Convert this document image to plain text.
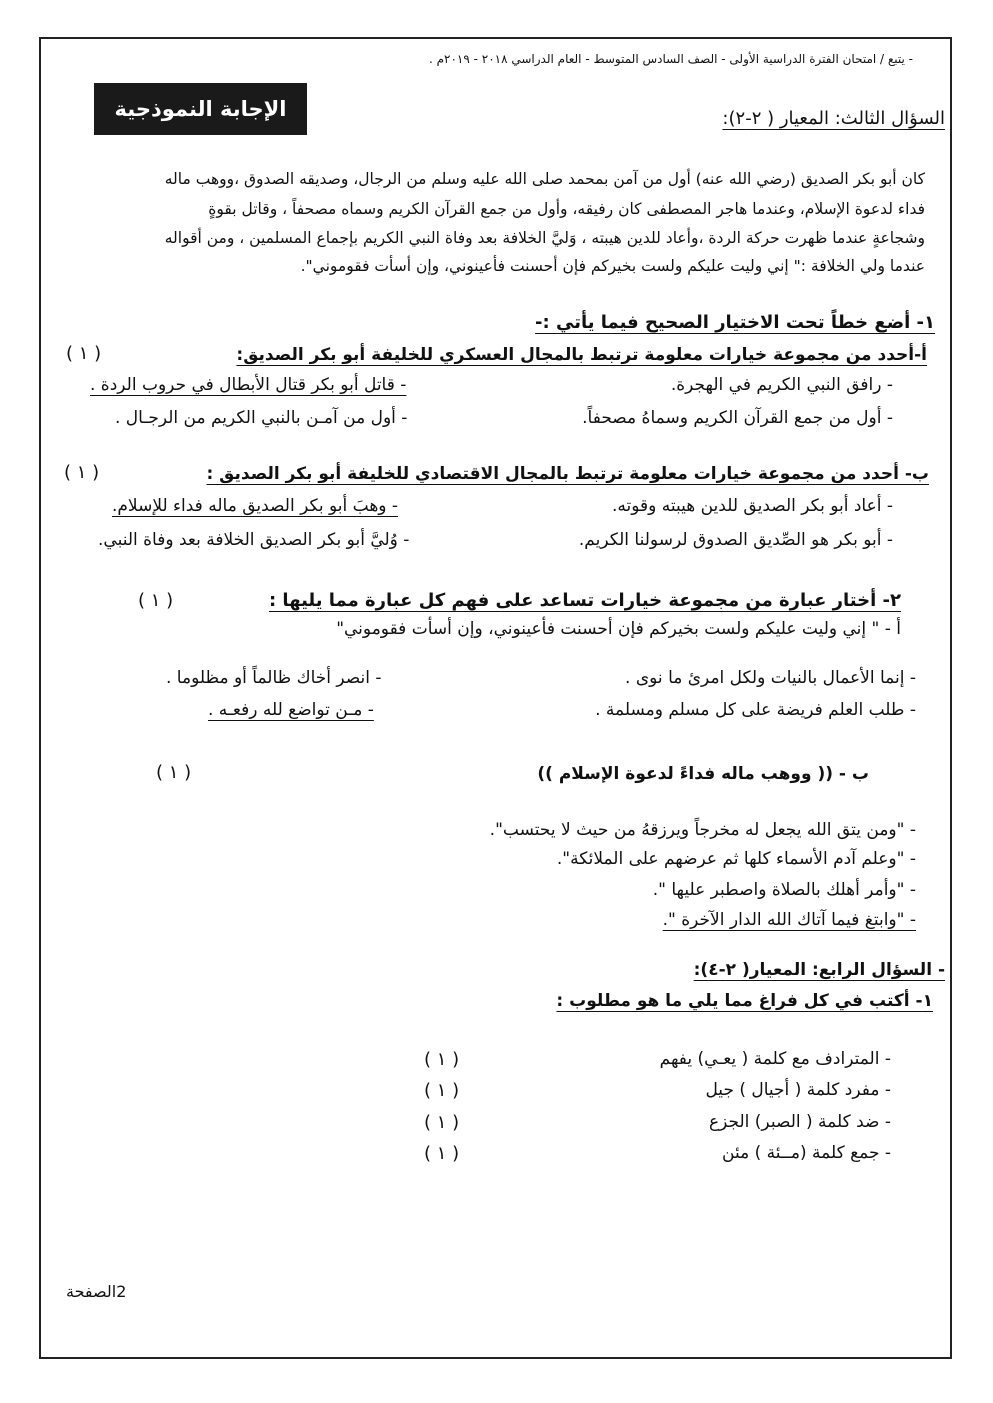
- يتبع / امتحان الفترة الدراسية الأولى - الصف السادس المتوسط - العام الدراسي ٢٠١٨ - ٢٠١٩م .
الإجابة النموذجية	السؤال الثالث: المعيار ( ٢-٢):
كان أبو بكر الصديق (رضي الله عنه) أول من آمن بمحمد صلى الله عليه وسلم من الرجال، وصديقه الصدوق ،ووهب ماله
فداء لدعوة الإسلام، وعندما هاجر المصطفى كان رفيقه، وأول من جمع القرآن الكريم وسماه مصحفاً ، وقاتل بقوةٍ
وشجاعةٍ عندما ظهرت حركة الردة ،وأعاد للدين هيبته ، وَليَّ الخلافة بعد وفاة النبي الكريم بإجماع المسلمين ، ومن أقواله
عندما ولي الخلافة :" إني وليت عليكم ولست بخيركم فإن أحسنت فأعينوني، وإن أسأت فقوموني".
١- أضع خطاً تحت الاختيار الصحيح فيما يأتي :-
أ-أحدد من مجموعة خيارات معلومة ترتبط بالمجال العسكري للخليفة أبو بكر الصديق:
( ١ )
- رافق النبي الكريم في الهجرة.
- قاتل أبو بكر قتال الأبطال في حروب الردة .
- أول من جمع القرآن الكريم وسماهُ مصحفاً.
- أول من آمـن بالنبي الكريم من الرجـال .
ب- أحدد من مجموعة خيارات معلومة ترتبط بالمجال الاقتصادي للخليفة أبو بكر الصديق :
( ١ )
- أعاد أبو بكر الصديق للدين هيبته وقوته.
- وهبَ أبو بكر الصديق ماله فداء للإسلام.
- أبو بكر هو الصِّديق الصدوق لرسولنا الكريم.
- وُليَّ أبو بكر الصديق الخلافة بعد وفاة النبي.
٢- أختار عبارة من مجموعة خيارات تساعد على فهم كل عبارة مما يليها :
( ١ )
أ - " إني وليت عليكم ولست بخيركم فإن أحسنت فأعينوني، وإن أسأت فقوموني"
- إنما الأعمال بالنيات ولكل امرئ ما نوى .
- انصر أخاك ظالماً أو مظلوما .
- طلب العلم فريضة على كل مسلم ومسلمة .
- مـن تواضع لله رفعـه .
ب - (( ووهب ماله فداءً لدعوة الإسلام ))
( ١ )
- "ومن يتق الله يجعل له مخرجاً ويرزقهُ من حيث لا يحتسب".
- "وعلم آدم الأسماء كلها ثم عرضهم على الملائكة".
- "وأمر أهلك بالصلاة واصطبر عليها ".
- "وابتغ فيما آتاك الله الدار الآخرة ".
- السؤال الرابع: المعيار( ٢-٤):
١- أكتب في كل فراغ مما يلي ما هو مطلوب :
- المترادف مع كلمة ( يعـي) يفهم
( ١ )
- مفرد كلمة ( أجيال ) جيل
( ١ )
- ضد كلمة ( الصبر) الجزع
( ١ )
- جمع كلمة (مــئة ) مئن
( ١ )
2الصفحة
